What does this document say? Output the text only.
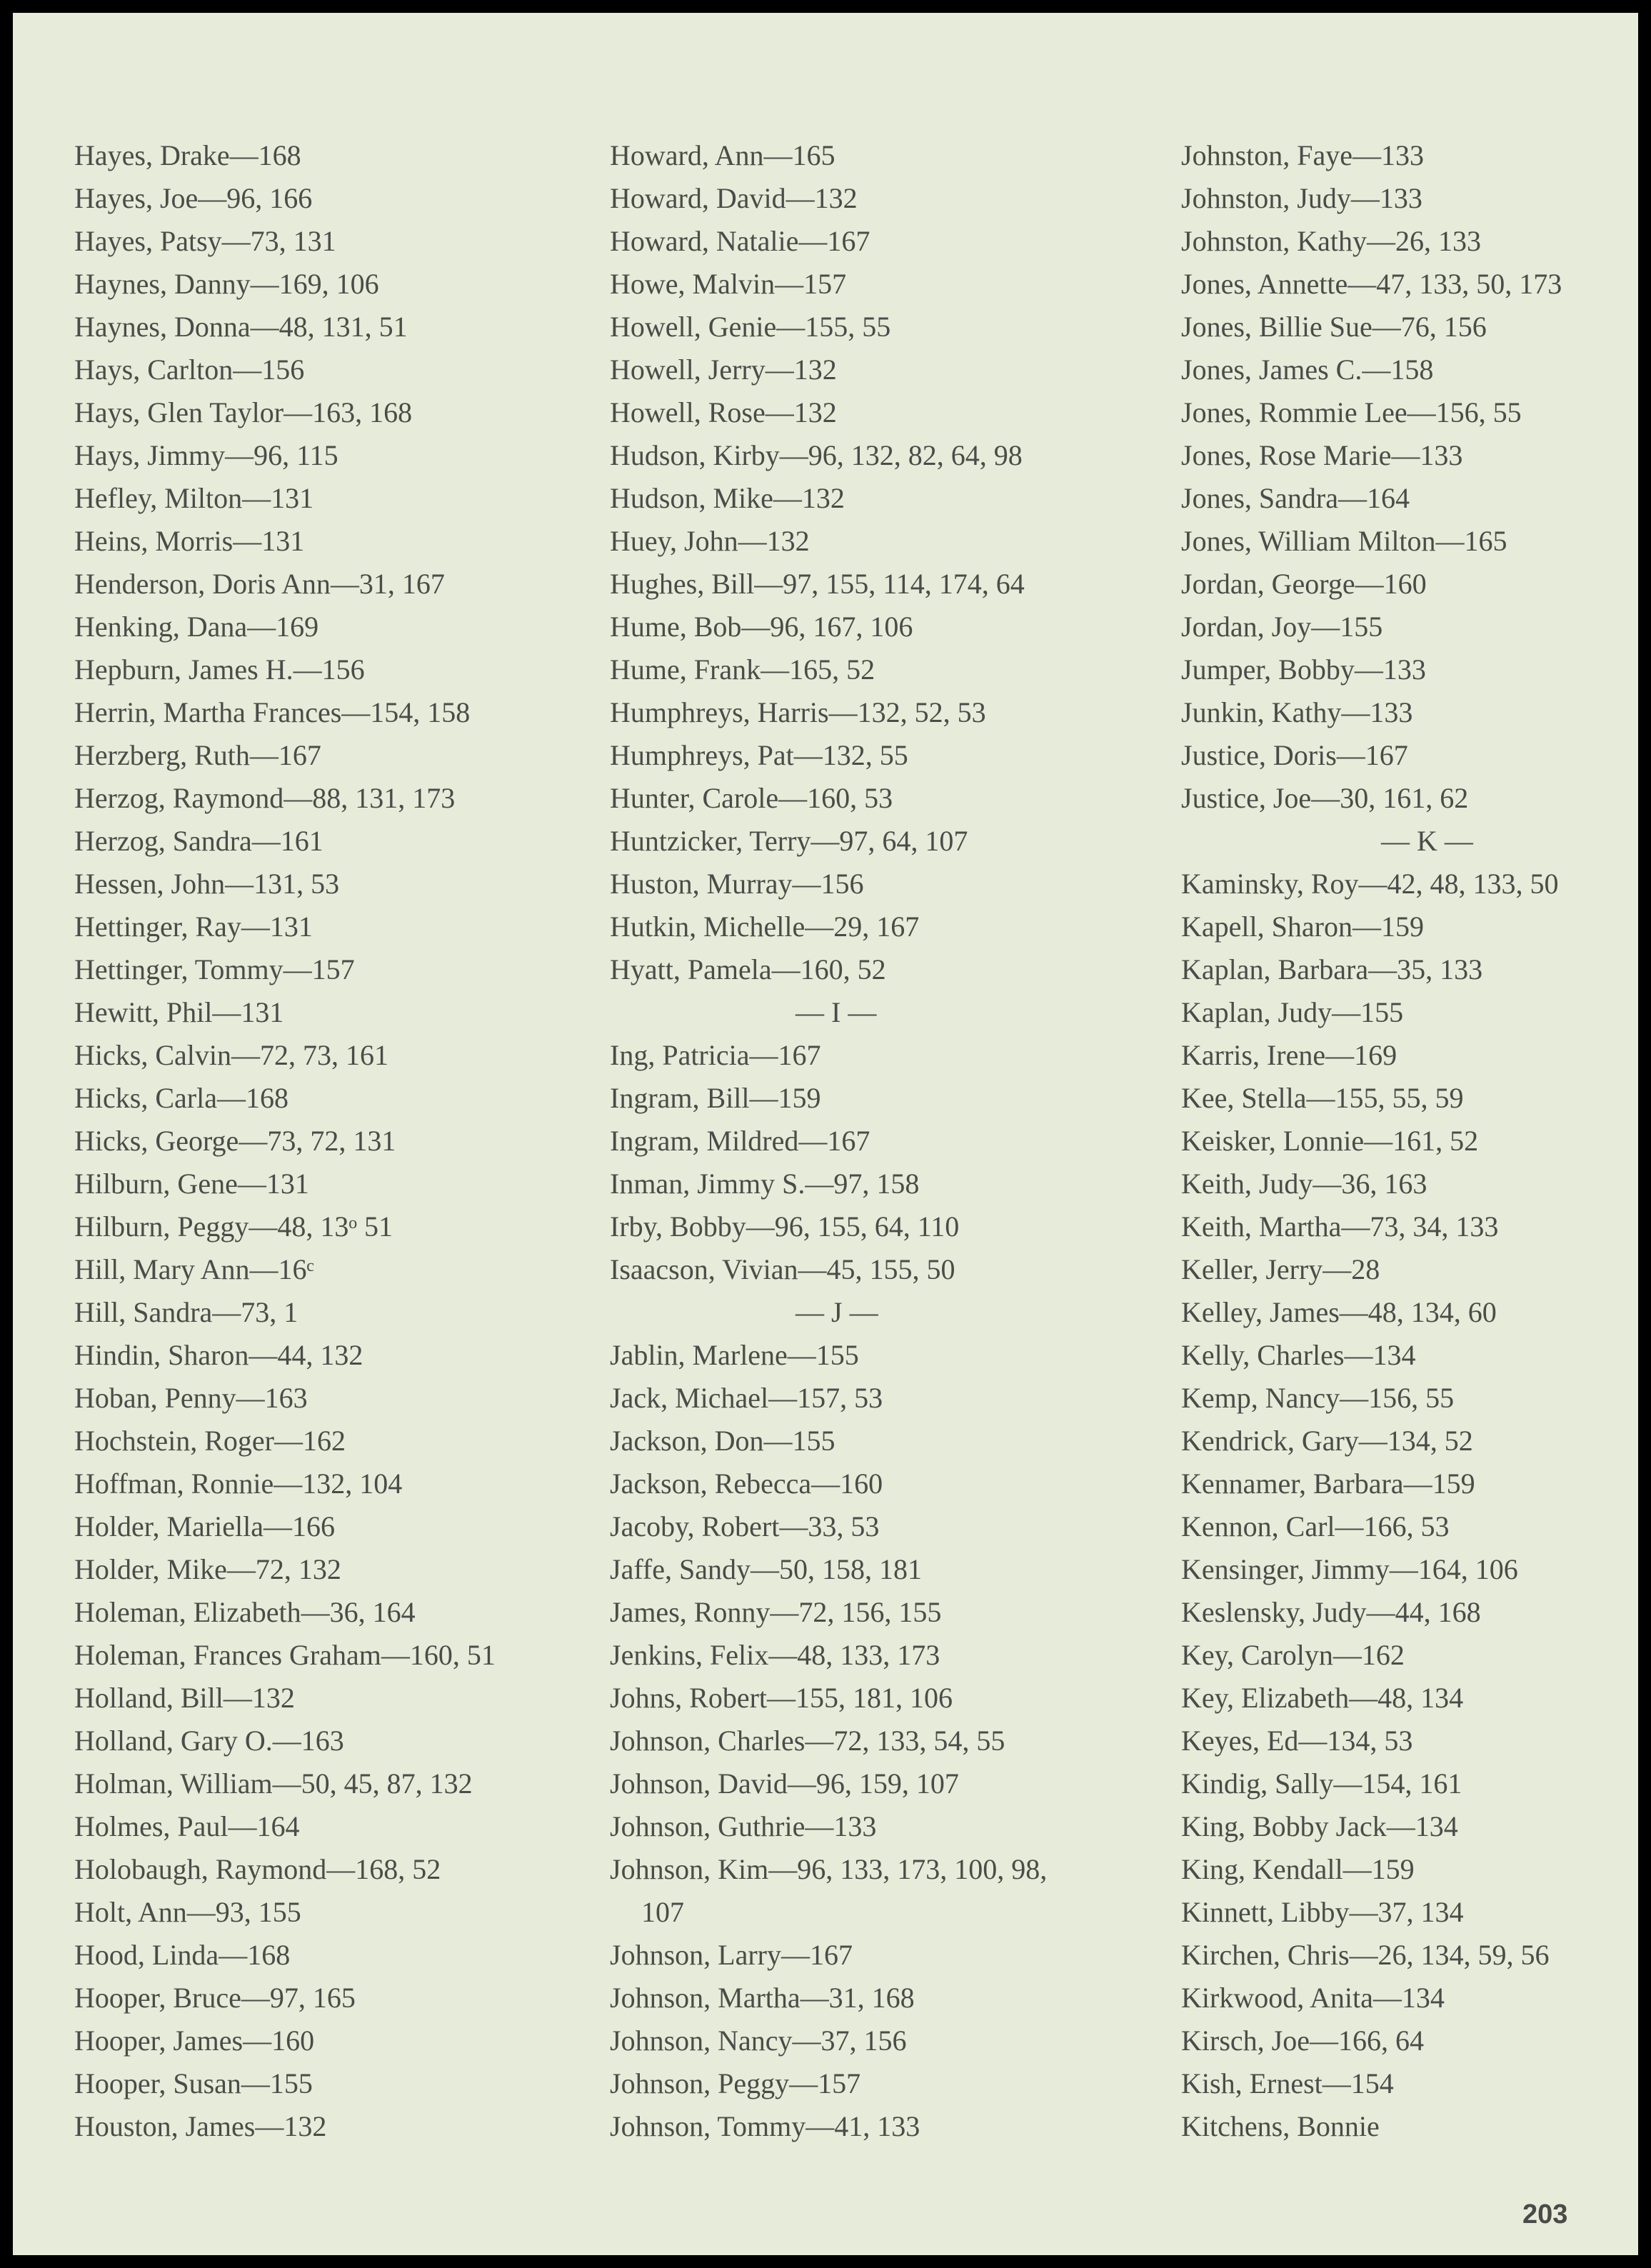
Hayes, Drake—168
Hayes, Joe—96, 166
Hayes, Patsy—73, 131
Haynes, Danny—169, 106
Haynes, Donna—48, 131, 51
Hays, Carlton—156
Hays, Glen Taylor—163, 168
Hays, Jimmy—96, 115
Hefley, Milton—131
Heins, Morris—131
Henderson, Doris Ann—31, 167
Henking, Dana—169
Hepburn, James H.—156
Herrin, Martha Frances—154, 158
Herzberg, Ruth—167
Herzog, Raymond—88, 131, 173
Herzog, Sandra—161
Hessen, John—131, 53
Hettinger, Ray—131
Hettinger, Tommy—157
Hewitt, Phil—131
Hicks, Calvin—72, 73, 161
Hicks, Carla—168
Hicks, George—73, 72, 131
Hilburn, Gene—131
Hilburn, Peggy—48, 13ᵒ 51
Hill, Mary Ann—16ᶜ
Hill, Sandra—73, 1
Hindin, Sharon—44, 132
Hoban, Penny—163
Hochstein, Roger—162
Hoffman, Ronnie—132, 104
Holder, Mariella—166
Holder, Mike—72, 132
Holeman, Elizabeth—36, 164
Holeman, Frances Graham—160, 51
Holland, Bill—132
Holland, Gary O.—163
Holman, William—50, 45, 87, 132
Holmes, Paul—164
Holobaugh, Raymond—168, 52
Holt, Ann—93, 155
Hood, Linda—168
Hooper, Bruce—97, 165
Hooper, James—160
Hooper, Susan—155
Houston, James—132
Howard, Ann—165
Howard, David—132
Howard, Natalie—167
Howe, Malvin—157
Howell, Genie—155, 55
Howell, Jerry—132
Howell, Rose—132
Hudson, Kirby—96, 132, 82, 64, 98
Hudson, Mike—132
Huey, John—132
Hughes, Bill—97, 155, 114, 174, 64
Hume, Bob—96, 167, 106
Hume, Frank—165, 52
Humphreys, Harris—132, 52, 53
Humphreys, Pat—132, 55
Hunter, Carole—160, 53
Huntzicker, Terry—97, 64, 107
Huston, Murray—156
Hutkin, Michelle—29, 167
Hyatt, Pamela—160, 52
— I —
Ing, Patricia—167
Ingram, Bill—159
Ingram, Mildred—167
Inman, Jimmy S.—97, 158
Irby, Bobby—96, 155, 64, 110
Isaacson, Vivian—45, 155, 50
— J —
Jablin, Marlene—155
Jack, Michael—157, 53
Jackson, Don—155
Jackson, Rebecca—160
Jacoby, Robert—33, 53
Jaffe, Sandy—50, 158, 181
James, Ronny—72, 156, 155
Jenkins, Felix—48, 133, 173
Johns, Robert—155, 181, 106
Johnson, Charles—72, 133, 54, 55
Johnson, David—96, 159, 107
Johnson, Guthrie—133
Johnson, Kim—96, 133, 173, 100, 98,
107
Johnson, Larry—167
Johnson, Martha—31, 168
Johnson, Nancy—37, 156
Johnson, Peggy—157
Johnson, Tommy—41, 133
Johnston, Faye—133
Johnston, Judy—133
Johnston, Kathy—26, 133
Jones, Annette—47, 133, 50, 173
Jones, Billie Sue—76, 156
Jones, James C.—158
Jones, Rommie Lee—156, 55
Jones, Rose Marie—133
Jones, Sandra—164
Jones, William Milton—165
Jordan, George—160
Jordan, Joy—155
Jumper, Bobby—133
Junkin, Kathy—133
Justice, Doris—167
Justice, Joe—30, 161, 62
— K —
Kaminsky, Roy—42, 48, 133, 50
Kapell, Sharon—159
Kaplan, Barbara—35, 133
Kaplan, Judy—155
Karris, Irene—169
Kee, Stella—155, 55, 59
Keisker, Lonnie—161, 52
Keith, Judy—36, 163
Keith, Martha—73, 34, 133
Keller, Jerry—28
Kelley, James—48, 134, 60
Kelly, Charles—134
Kemp, Nancy—156, 55
Kendrick, Gary—134, 52
Kennamer, Barbara—159
Kennon, Carl—166, 53
Kensinger, Jimmy—164, 106
Keslensky, Judy—44, 168
Key, Carolyn—162
Key, Elizabeth—48, 134
Keyes, Ed—134, 53
Kindig, Sally—154, 161
King, Bobby Jack—134
King, Kendall—159
Kinnett, Libby—37, 134
Kirchen, Chris—26, 134, 59, 56
Kirkwood, Anita—134
Kirsch, Joe—166, 64
Kish, Ernest—154
Kitchens, Bonnie
203
